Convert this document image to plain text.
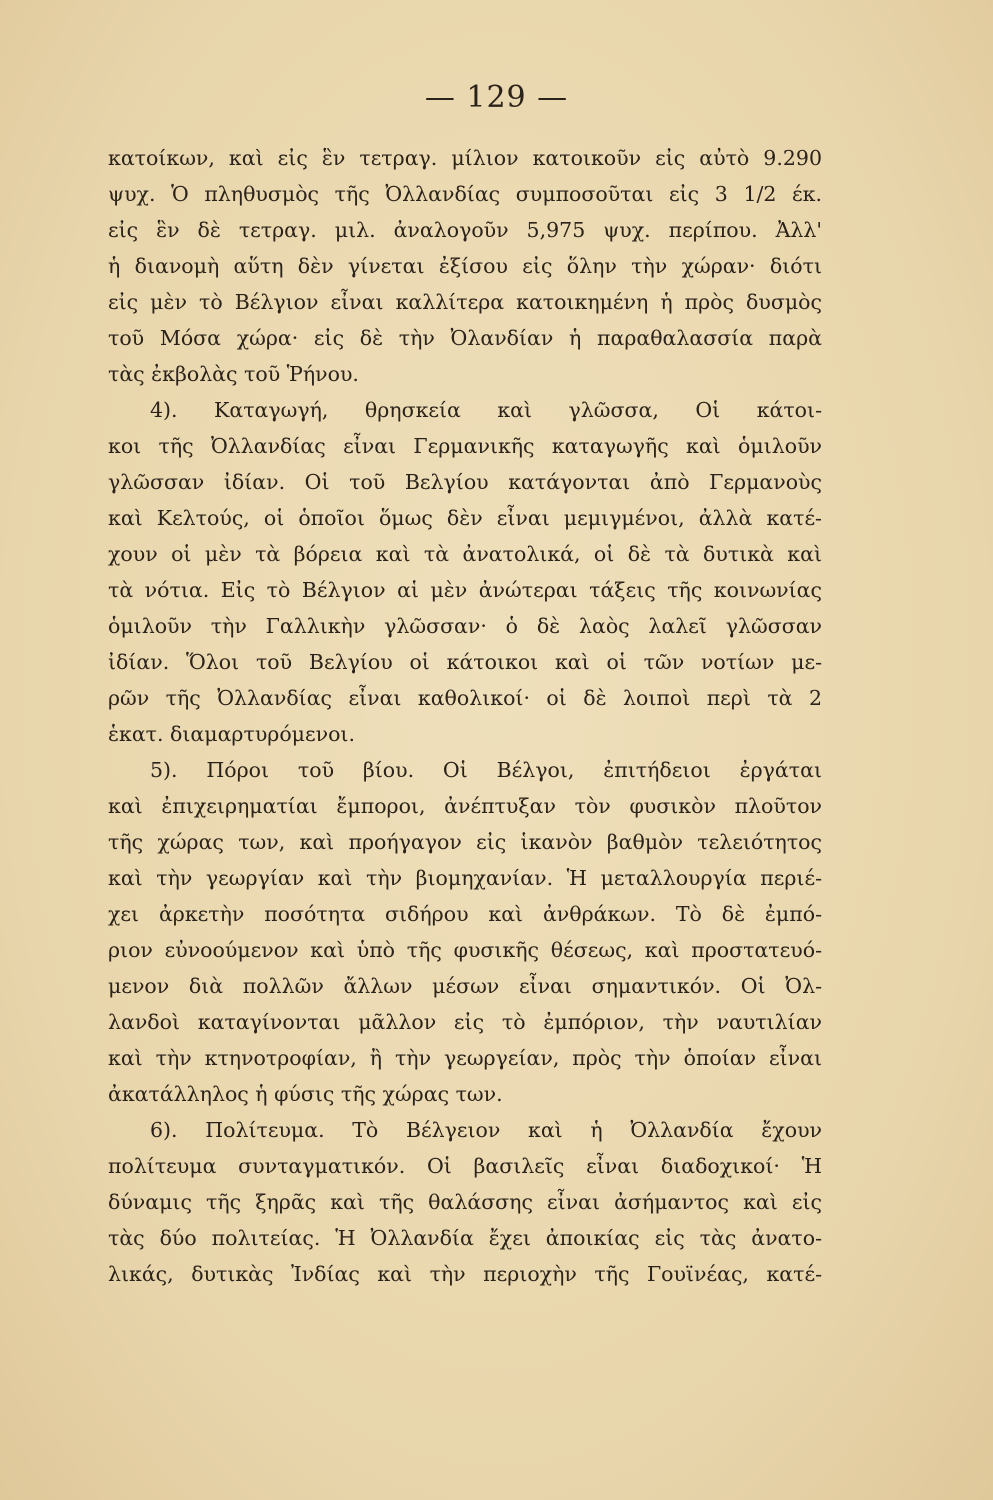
— 129 —
κατοίκων, καὶ εἰς ἓν τετραγ. μίλιον κατοικοῦν εἰς αὐτὸ 9.290
ψυχ. Ὁ πληθυσμὸς τῆς Ὀλλανδίας συμποσοῦται εἰς 3 1/2 έκ.
εἰς ἓν δὲ τετραγ. μιλ. ἀναλογοῦν 5,975 ψυχ. περίπου. Ἀλλ'
ἡ διανομὴ αὕτη δὲν γίνεται ἐξίσου εἰς ὅλην τὴν χώραν· διότι
εἰς μὲν τὸ Βέλγιον εἶναι καλλίτερα κατοικημένη ἡ πρὸς δυσμὸς
τοῦ Μόσα χώρα· εἰς δὲ τὴν Ὀλανδίαν ἡ παραθαλασσία παρὰ
τὰς ἐκβολὰς τοῦ Ῥήνου.
4). Καταγωγή, θρησκεία καὶ γλῶσσα, Οἱ κάτοι-
κοι τῆς Ὀλλανδίας εἶναι Γερμανικῆς καταγωγῆς καὶ ὁμιλοῦν
γλῶσσαν ἰδίαν. Οἱ τοῦ Βελγίου κατάγονται ἀπὸ Γερμανοὺς
καὶ Κελτούς, οἱ ὁποῖοι ὅμως δὲν εἶναι μεμιγμένοι, ἀλλὰ κατέ-
χουν οἱ μὲν τὰ βόρεια καὶ τὰ ἀνατολικά, οἱ δὲ τὰ δυτικὰ καὶ
τὰ νότια. Εἰς τὸ Βέλγιον αἱ μὲν ἀνώτεραι τάξεις τῆς κοινωνίας
ὁμιλοῦν τὴν Γαλλικὴν γλῶσσαν· ὁ δὲ λαὸς λαλεῖ γλῶσσαν
ἰδίαν. Ὅλοι τοῦ Βελγίου οἱ κάτοικοι καὶ οἱ τῶν νοτίων με-
ρῶν τῆς Ὀλλανδίας εἶναι καθολικοί· οἱ δὲ λοιποὶ περὶ τὰ 2
ἑκατ. διαμαρτυρόμενοι.
5). Πόροι τοῦ βίου. Οἱ Βέλγοι, ἐπιτήδειοι ἐργάται
καὶ ἐπιχειρηματίαι ἔμποροι, ἀνέπτυξαν τὸν φυσικὸν πλοῦτον
τῆς χώρας των, καὶ προήγαγον εἰς ἱκανὸν βαθμὸν τελειότητος
καὶ τὴν γεωργίαν καὶ τὴν βιομηχανίαν. Ἡ μεταλλουργία περιέ-
χει ἀρκετὴν ποσότητα σιδήρου καὶ ἀνθράκων. Τὸ δὲ ἐμπό-
ριον εὐνοούμενον καὶ ὑπὸ τῆς φυσικῆς θέσεως, καὶ προστατευό-
μενον διὰ πολλῶν ἄλλων μέσων εἶναι σημαντικόν. Οἱ Ὀλ-
λανδοὶ καταγίνονται μᾶλλον εἰς τὸ ἐμπόριον, τὴν ναυτιλίαν
καὶ τὴν κτηνοτροφίαν, ἢ τὴν γεωργείαν, πρὸς τὴν ὁποίαν εἶναι
ἀκατάλληλος ἡ φύσις τῆς χώρας των.
6). Πολίτευμα. Τὸ Βέλγειον καὶ ἡ Ὀλλανδία ἔχουν
πολίτευμα συνταγματικόν. Οἱ βασιλεῖς εἶναι διαδοχικοί· Ἡ
δύναμις τῆς ξηρᾶς καὶ τῆς θαλάσσης εἶναι ἀσήμαντος καὶ εἰς
τὰς δύο πολιτείας. Ἡ Ὀλλανδία ἔχει ἀποικίας εἰς τὰς ἀνατο-
λικάς, δυτικὰς Ἰνδίας καὶ τὴν περιοχὴν τῆς Γουϊνέας, κατέ-
